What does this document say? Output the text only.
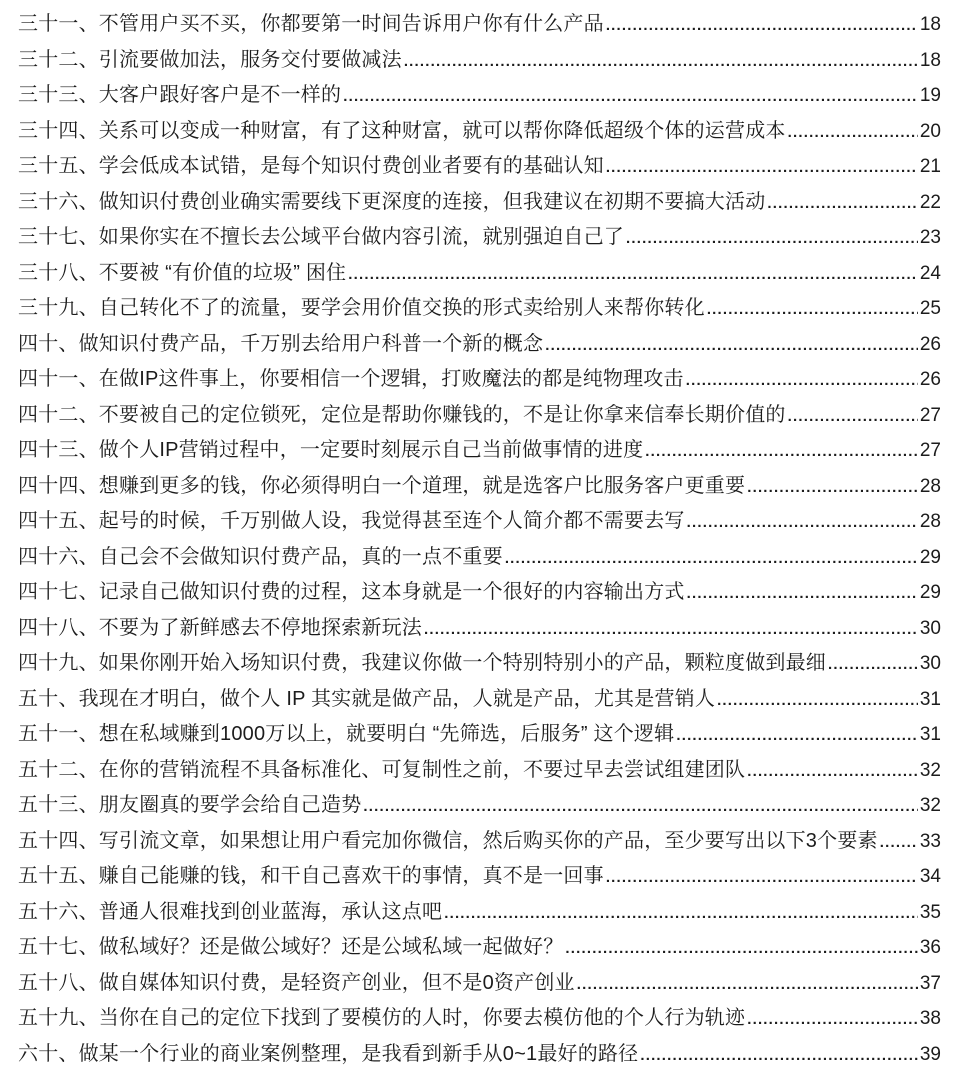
三十一、不管用户买不买，你都要第一时间告诉用户你有什么产品 .....	18
三十二、引流要做加法，服务交付要做减法 .....	18
三十三、大客户跟好客户是不一样的 .....	19
三十四、关系可以变成一种财富，有了这种财富，就可以帮你降低超级个体的运营成本 .....	20
三十五、学会低成本试错，是每个知识付费创业者要有的基础认知 .....	21
三十六、做知识付费创业确实需要线下更深度的连接，但我建议在初期不要搞大活动 .....	22
三十七、如果你实在不擅长去公域平台做内容引流，就别强迫自己了 .....	23
三十八、不要被 “有价值的垃圾” 困住 .....	24
三十九、自己转化不了的流量，要学会用价值交换的形式卖给别人来帮你转化 .....	25
四十、做知识付费产品，千万别去给用户科普一个新的概念 .....	26
四十一、在做IP这件事上，你要相信一个逻辑，打败魔法的都是纯物理攻击 .....	26
四十二、不要被自己的定位锁死，定位是帮助你赚钱的，不是让你拿来信奉长期价值的 .....	27
四十三、做个人IP营销过程中，一定要时刻展示自己当前做事情的进度 .....	27
四十四、想赚到更多的钱，你必须得明白一个道理，就是选客户比服务客户更重要 .....	28
四十五、起号的时候，千万别做人设，我觉得甚至连个人简介都不需要去写 .....	28
四十六、自己会不会做知识付费产品，真的一点不重要 .....	29
四十七、记录自己做知识付费的过程，这本身就是一个很好的内容输出方式 .....	29
四十八、不要为了新鲜感去不停地探索新玩法 .....	30
四十九、如果你刚开始入场知识付费，我建议你做一个特别特别小的产品，颗粒度做到最细 .....	30
五十、我现在才明白，做个人 IP 其实就是做产品，人就是产品，尤其是营销人 .....	31
五十一、想在私域赚到1000万以上，就要明白 “先筛选，后服务” 这个逻辑 .....	31
五十二、在你的营销流程不具备标准化、可复制性之前，不要过早去尝试组建团队 .....	32
五十三、朋友圈真的要学会给自己造势 .....	32
五十四、写引流文章，如果想让用户看完加你微信，然后购买你的产品，至少要写出以下3个要素 ..... 33
五十五、赚自己能赚的钱，和干自己喜欢干的事情，真不是一回事 .....	34
五十六、普通人很难找到创业蓝海，承认这点吧 .....	35
五十七、做私域好？还是做公域好？还是公域私域一起做好？ .....	36
五十八、做自媒体知识付费，是轻资产创业，但不是0资产创业 .....	37
五十九、当你在自己的定位下找到了要模仿的人时，你要去模仿他的个人行为轨迹 .....	38
六十、做某一个行业的商业案例整理，是我看到新手从0~1最好的路径 .....	39
